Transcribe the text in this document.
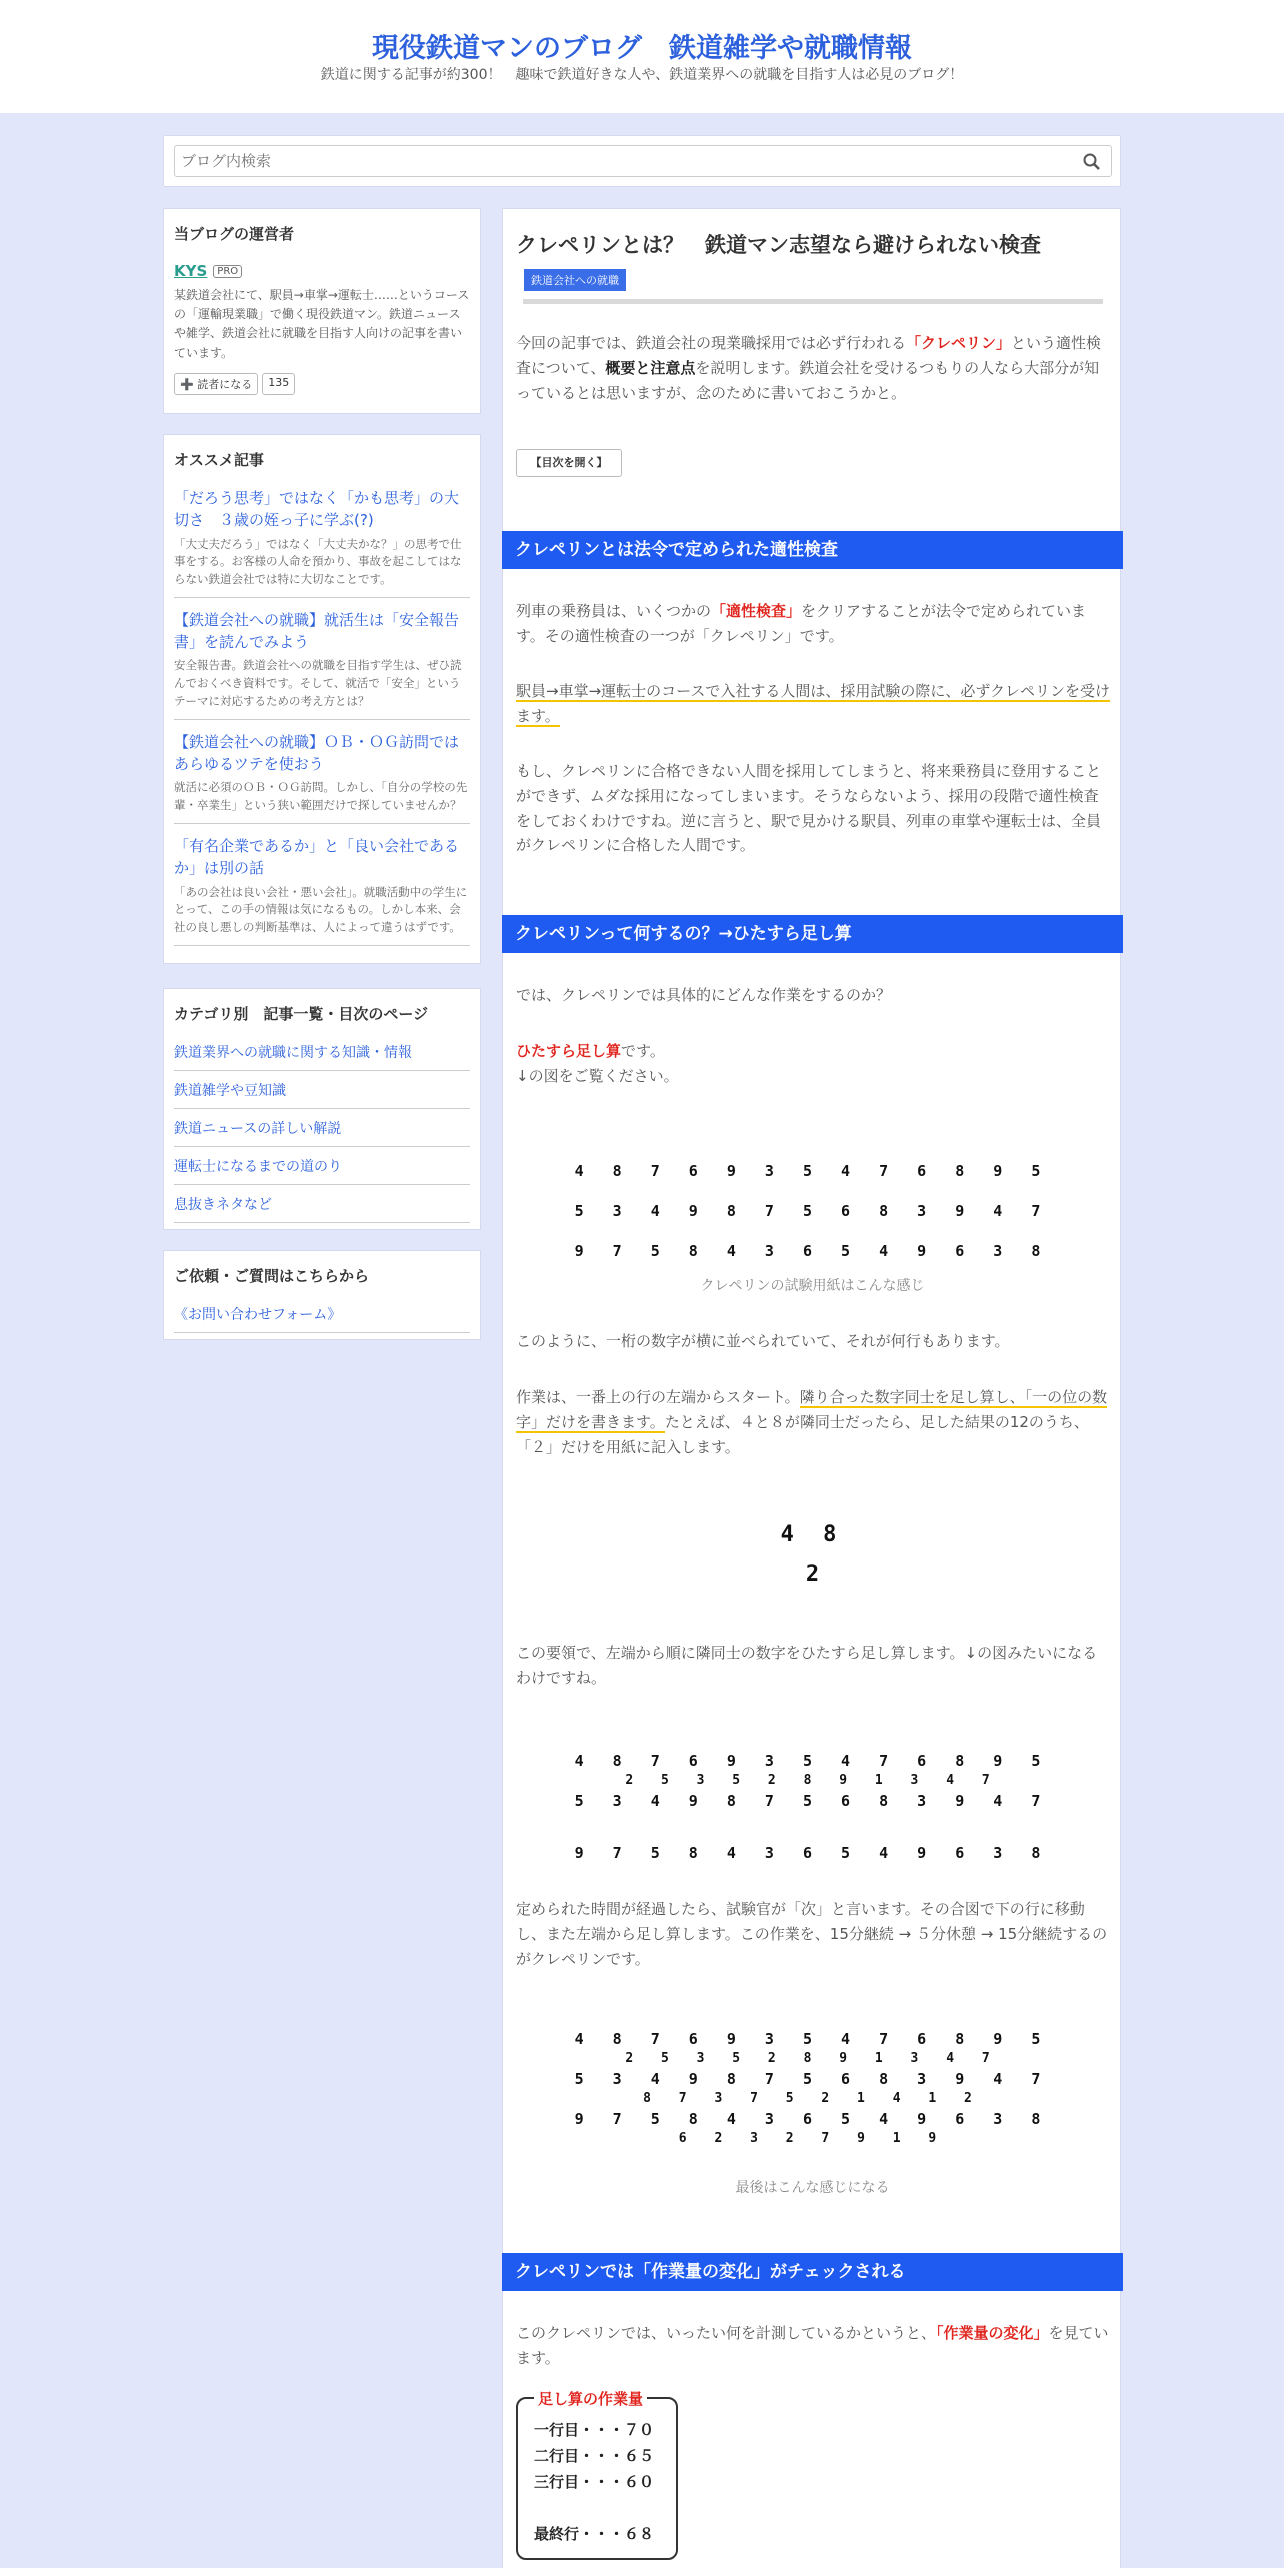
現役鉄道マンのブログ　鉄道雑学や就職情報
鉄道に関する記事が約300！　趣味で鉄道好きな人や、鉄道業界への就職を目指す人は必見のブログ！
ブログ内検索
当ブログの運営者
KYS	PRO
某鉄道会社にて、駅員→車掌→運転士……というコースの「運輸現業職」で働く現役鉄道マン。鉄道ニュースや雑学、鉄道会社に就職を目指す人向けの記事を書いています。
➕ 読者になる	135
オススメ記事
「だろう思考」ではなく「かも思考」の大切さ　３歳の姪っ子に学ぶ(?)
「大丈夫だろう」ではなく「大丈夫かな？」の思考で仕事をする。お客様の人命を預かり、事故を起こしてはならない鉄道会社では特に大切なことです。
【鉄道会社への就職】就活生は「安全報告書」を読んでみよう
安全報告書。鉄道会社への就職を目指す学生は、ぜひ読んでおくべき資料です。そして、就活で「安全」というテーマに対応するための考え方とは？
【鉄道会社への就職】ＯＢ・ＯＧ訪問ではあらゆるツテを使おう
就活に必須のＯＢ・ＯＧ訪問。しかし、「自分の学校の先輩・卒業生」という狭い範囲だけで探していませんか？
「有名企業であるか」と「良い会社であるか」は別の話
「あの会社は良い会社・悪い会社」。就職活動中の学生にとって、この手の情報は気になるもの。しかし本来、会社の良し悪しの判断基準は、人によって違うはずです。
カテゴリ別　記事一覧・目次のページ
鉄道業界への就職に関する知識・情報
鉄道雑学や豆知識
鉄道ニュースの詳しい解説
運転士になるまでの道のり
息抜きネタなど
ご依頼・ご質問はこちらから
《お問い合わせフォーム》
クレペリンとは？　鉄道マン志望なら避けられない検査
鉄道会社への就職

今回の記事では、鉄道会社の現業職採用では必ず行われる「クレペリン」という適性検査について、概要と注意点を説明します。鉄道会社を受けるつもりの人なら大部分が知っているとは思いますが、念のために書いておこうかと。

【目次を開く】
クレペリンとは法令で定められた適性検査

列車の乗務員は、いくつかの「適性検査」をクリアすることが法令で定められています。その適性検査の一つが「クレペリン」です。

駅員→車掌→運転士のコースで入社する人間は、採用試験の際に、必ずクレペリンを受けます。

もし、クレペリンに合格できない人間を採用してしまうと、将来乗務員に登用することができず、ムダな採用になってしまいます。そうならないよう、採用の段階で適性検査をしておくわけですね。逆に言うと、駅で見かける駅員、列車の車掌や運転士は、全員がクレペリンに合格した人間です。

クレペリンって何するの？→ひたすら足し算

では、クレペリンでは具体的にどんな作業をするのか？

ひたすら足し算です。
↓の図をご覧ください。

4 8 7 6 9 3 5 4 7 6 8 9 5
5 3 4 9 8 7 5 6 8 3 9 4 7
9 7 5 8 4 3 6 5 4 9 6 3 8
クレペリンの試験用紙はこんな感じ

このように、一桁の数字が横に並べられていて、それが何行もあります。

作業は、一番上の行の左端からスタート。隣り合った数字同士を足し算し、「一の位の数字」だけを書きます。たとえば、４と８が隣同士だったら、足した結果の12のうち、「２」だけを用紙に記入します。

4 8
2

この要領で、左端から順に隣同士の数字をひたすら足し算します。↓の図みたいになるわけですね。

4 8 7 6 9 3 5 4 7 6 8 9 5
2 5 3 5 2 8 9 1 3 4 7
5 3 4 9 8 7 5 6 8 3 9 4 7
9 7 5 8 4 3 6 5 4 9 6 3 8

定められた時間が経過したら、試験官が「次」と言います。その合図で下の行に移動し、また左端から足し算します。この作業を、15分継続 → ５分休憩 → 15分継続するのがクレペリンです。

4 8 7 6 9 3 5 4 7 6 8 9 5
2 5 3 5 2 8 9 1 3 4 7
5 3 4 9 8 7 5 6 8 3 9 4 7
8 7 3 7 5 2 1 4 1 2
9 7 5 8 4 3 6 5 4 9 6 3 8
6 2 3 2 7 9 1 9
最後はこんな感じになる
クレペリンでは「作業量の変化」がチェックされる

このクレペリンでは、いったい何を計測しているかというと、「作業量の変化」を見ています。

足し算の作業量
一行目・・・７０
二行目・・・６５
三行目・・・６０
最終行・・・６８
